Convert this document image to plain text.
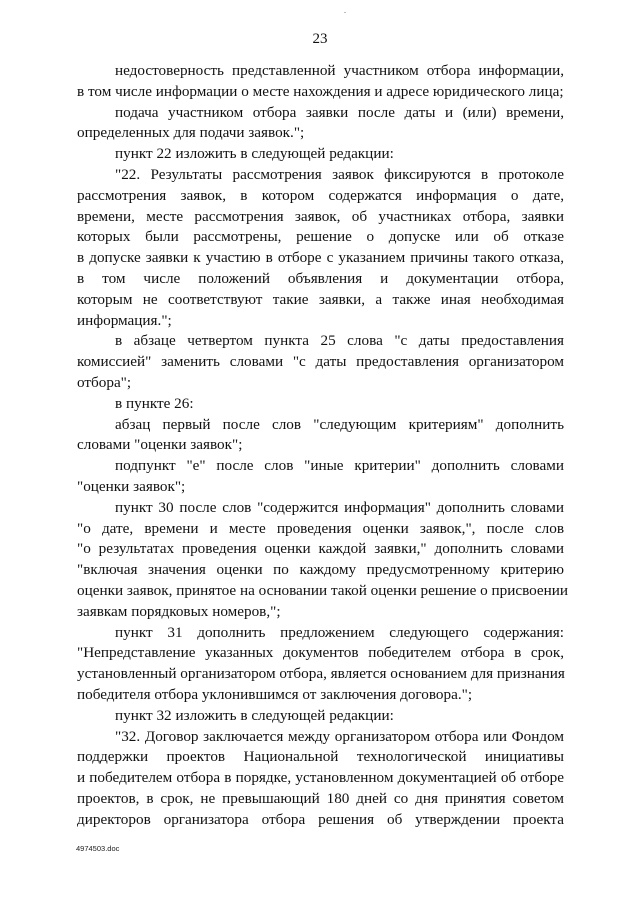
23
недостоверность представленной участником отбора информации,
в том числе информации о месте нахождения и адресе юридического лица;
подача участником отбора заявки после даты и (или) времени,
определенных для подачи заявок.";
пункт 22 изложить в следующей редакции:
"22. Результаты рассмотрения заявок фиксируются в протоколе
рассмотрения заявок, в котором содержатся информация о дате,
времени, месте рассмотрения заявок, об участниках отбора, заявки
которых были рассмотрены, решение о допуске или об отказе
в допуске заявки к участию в отборе с указанием причины такого отказа,
в том числе положений объявления и документации отбора,
которым не соответствуют такие заявки, а также иная необходимая
информация.";
в абзаце четвертом пункта 25 слова "с даты предоставления
комиссией" заменить словами "с даты предоставления организатором
отбора";
в пункте 26:
абзац первый после слов "следующим критериям" дополнить
словами "оценки заявок";
подпункт "е" после слов "иные критерии" дополнить словами
"оценки заявок";
пункт 30 после слов "содержится информация" дополнить словами
"о дате, времени и месте проведения оценки заявок,", после слов
"о результатах проведения оценки каждой заявки," дополнить словами
"включая значения оценки по каждому предусмотренному критерию
оценки заявок, принятое на основании такой оценки решение о присвоении
заявкам порядковых номеров,";
пункт 31 дополнить предложением следующего содержания:
"Непредставление указанных документов победителем отбора в срок,
установленный организатором отбора, является основанием для признания
победителя отбора уклонившимся от заключения договора.";
пункт 32 изложить в следующей редакции:
"32. Договор заключается между организатором отбора или Фондом
поддержки проектов Национальной технологической инициативы
и победителем отбора в порядке, установленном документацией об отборе
проектов, в срок, не превышающий 180 дней со дня принятия советом
директоров организатора отбора решения об утверждении проекта
4974503.doc
